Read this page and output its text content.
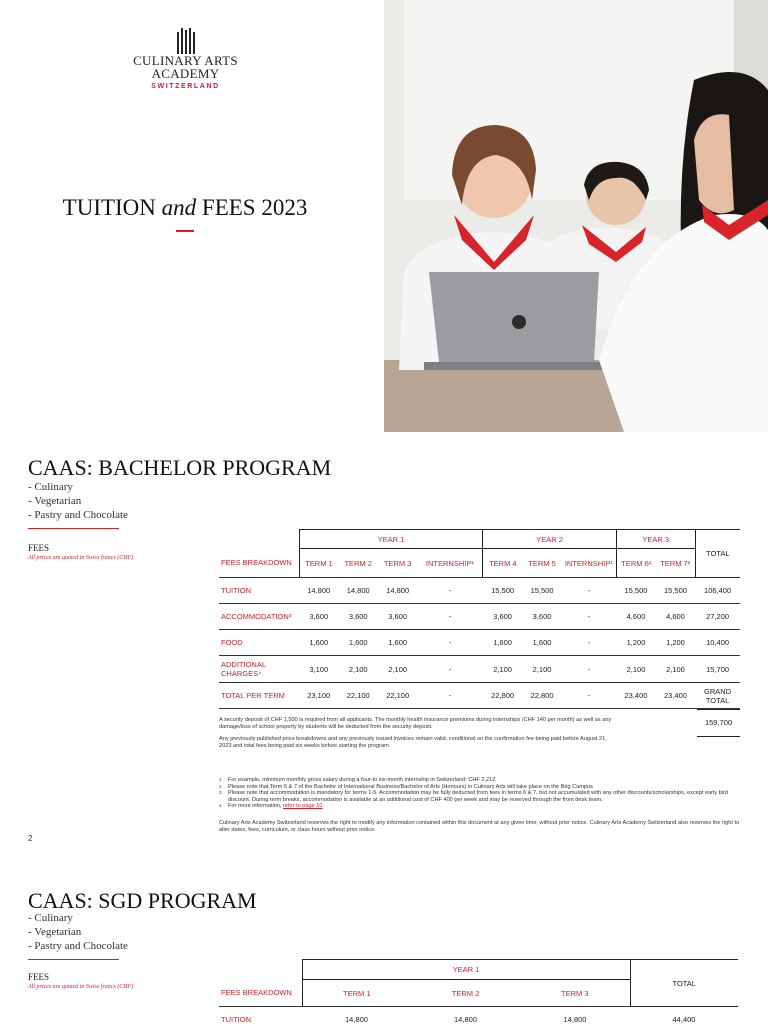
CULINARY ARTS
ACADEMY
SWITZERLAND
TUITION and FEES 2023
CAAS: BACHELOR PROGRAM
- Culinary
- Vegetarian
- Pastry and Chocolate
FEES
All prices are quoted in Swiss francs (CHF)
	YEAR 1				YEAR 2			YEAR 3		TOTAL
FEES BREAKDOWN	TERM 1	TERM 2	TERM 3	INTERNSHIP¹	TERM 4	TERM 5	INTERNSHIP¹	TERM 6²	TERM 7²	
TUITION	14,800	14,800	14,800	-	15,500	15,500	-	15,500	15,500	106,400
ACCOMMODATION³	3,600	3,600	3,600	-	3,600	3,600	-	4,600	4,600	27,200
FOOD	1,600	1,600	1,600	-	1,600	1,600	-	1,200	1,200	10,400
ADDITIONAL CHARGES⁴	3,100	2,100	2,100	-	2,100	2,100	-	2,100	2,100	15,700
TOTAL PER TERM	23,100	22,100	22,100	-	22,800	22,800	-	23,400	23,400	GRAND TOTAL
159,700
A security deposit of CHF 1,500 is required from all applicants. The monthly health insurance premiums during internships (CHF 140 per month) as well as any damage/loss of school property by students will be deducted from the security deposit.
Any previously published price breakdowns and any previously issued invoices remain valid, conditional on the confirmation fee being paid before August 21, 2023 and total fees being paid six weeks before starting the program.
1 For example, minimum monthly gross salary during a four-to six-month internship in Switzerland: CHF 2,212
2 Please note that Term 6 & 7 of the Bachelor of International Business/Bachelor of Arts (Honours) in Culinary Arts will take place on the Brig Campus
3 Please note that accommodation is mandatory for terms 1-5. Accommodation may be fully deducted from fees in terms 6 & 7, but not accumulated with any other discounts/scholarships, except early bird discount. During term breaks, accommodation is available at an additional cost of CHF 400 per week and may be reserved through the front desk team.
4 For more information, refer to page 10
Culinary Arts Academy Switzerland reserves the right to modify any information contained within this document at any given time, without prior notice. Culinary Arts Academy Switzerland also reserves the right to alter dates, fees, curriculum, or class hours without prior notice.
2
CAAS: SGD PROGRAM
- Culinary
- Vegetarian
- Pastry and Chocolate
FEES
All prices are quoted in Swiss francs (CHF)
	YEAR 1			TOTAL
FEES BREAKDOWN	TERM 1	TERM 2	TERM 3	
TUITION	14,800	14,800	14,800	44,400
